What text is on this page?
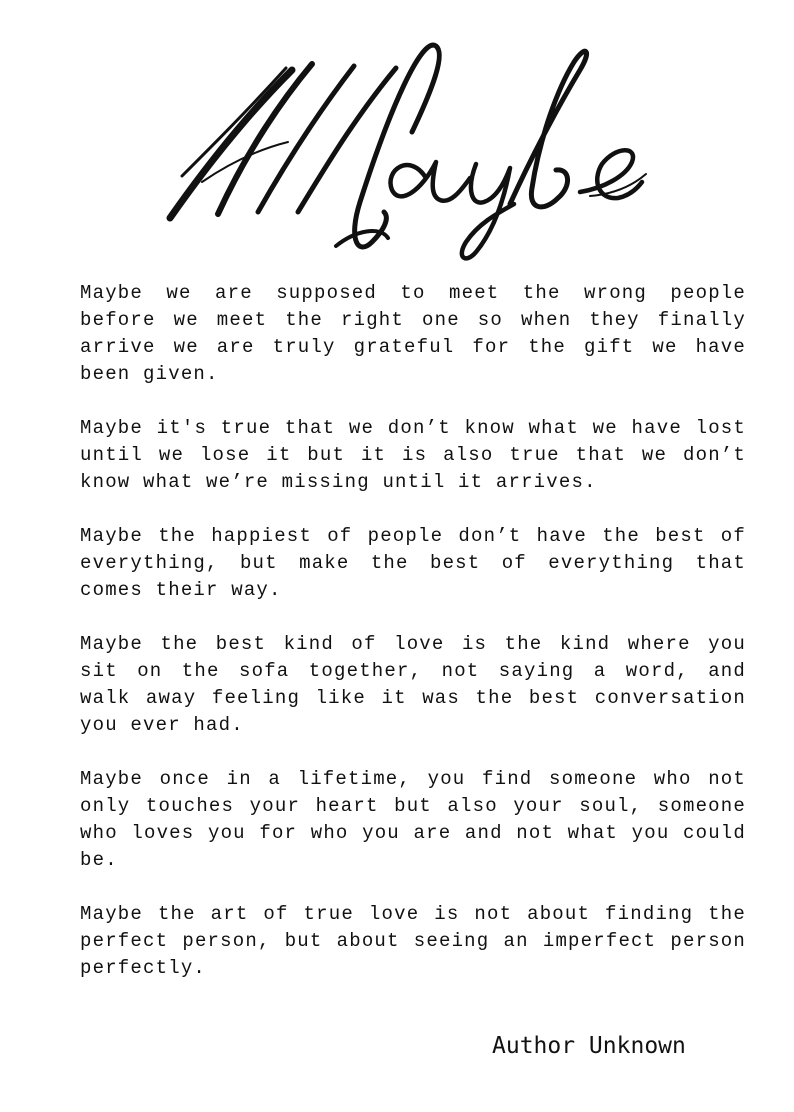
Maybe we are supposed to meet the wrong people before we meet the right one so when they finally arrive we are truly grateful for the gift we have been given.

Maybe it's true that we don’t know what we have lost until we lose it but it is also true that we don’t know what we’re missing until it arrives.

Maybe the happiest of people don’t have the best of everything, but make the best of everything that comes their way.

Maybe the best kind of love is the kind where you sit on the sofa together, not saying a word, and walk away feeling like it was the best conversation you ever had.

Maybe once in a lifetime, you find someone who not only touches your heart but also your soul, someone who loves you for who you are and not what you could be.

Maybe the art of true love is not about finding the perfect person, but about seeing an imperfect person perfectly.

Author Unknown
